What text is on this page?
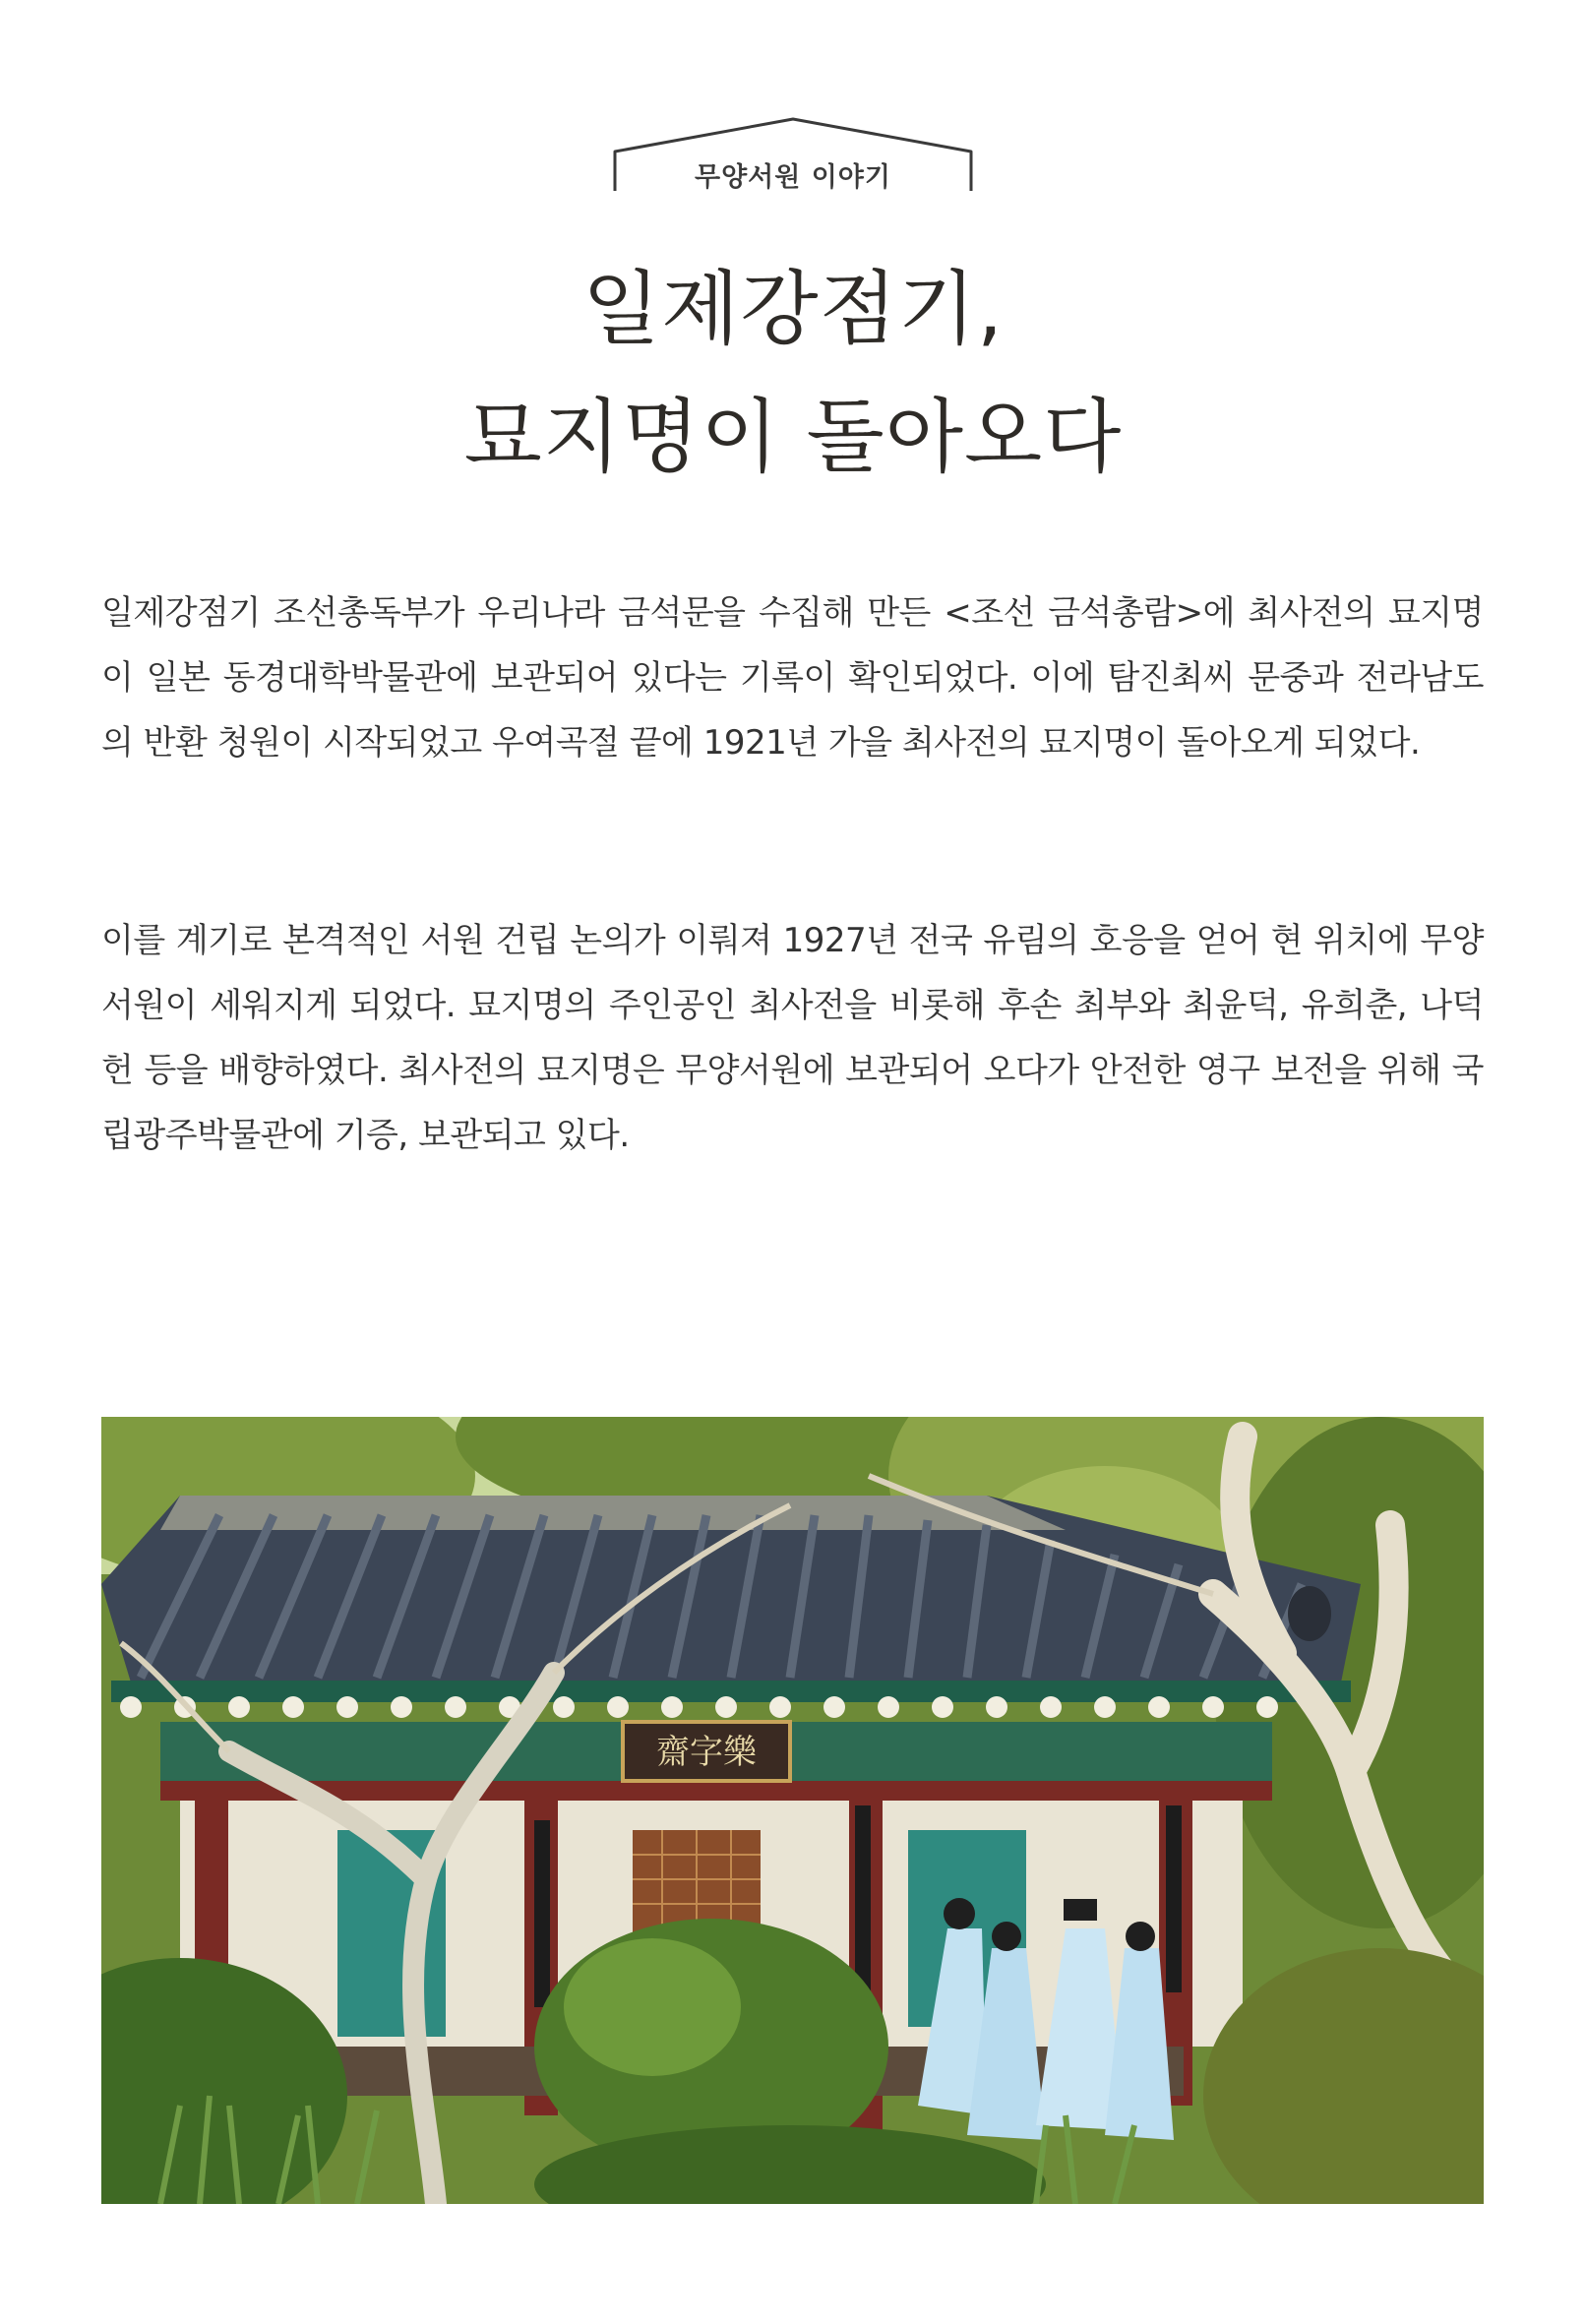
무양서원 이야기
일제강점기,
묘지명이 돌아오다

일제강점기 조선총독부가 우리나라 금석문을 수집해 만든 <조선 금석총람>에 최사전의 묘지명이 일본 동경대학박물관에 보관되어 있다는 기록이 확인되었다. 이에 탐진최씨 문중과 전라남도의 반환 청원이 시작되었고 우여곡절 끝에 1921년 가을 최사전의 묘지명이 돌아오게 되었다.

이를 계기로 본격적인 서원 건립 논의가 이뤄져 1927년 전국 유림의 호응을 얻어 현 위치에 무양서원이 세워지게 되었다. 묘지명의 주인공인 최사전을 비롯해 후손 최부와 최윤덕, 유희춘, 나덕헌 등을 배향하였다. 최사전의 묘지명은 무양서원에 보관되어 오다가 안전한 영구 보전을 위해 국립광주박물관에 기증, 보관되고 있다.

齋字樂
